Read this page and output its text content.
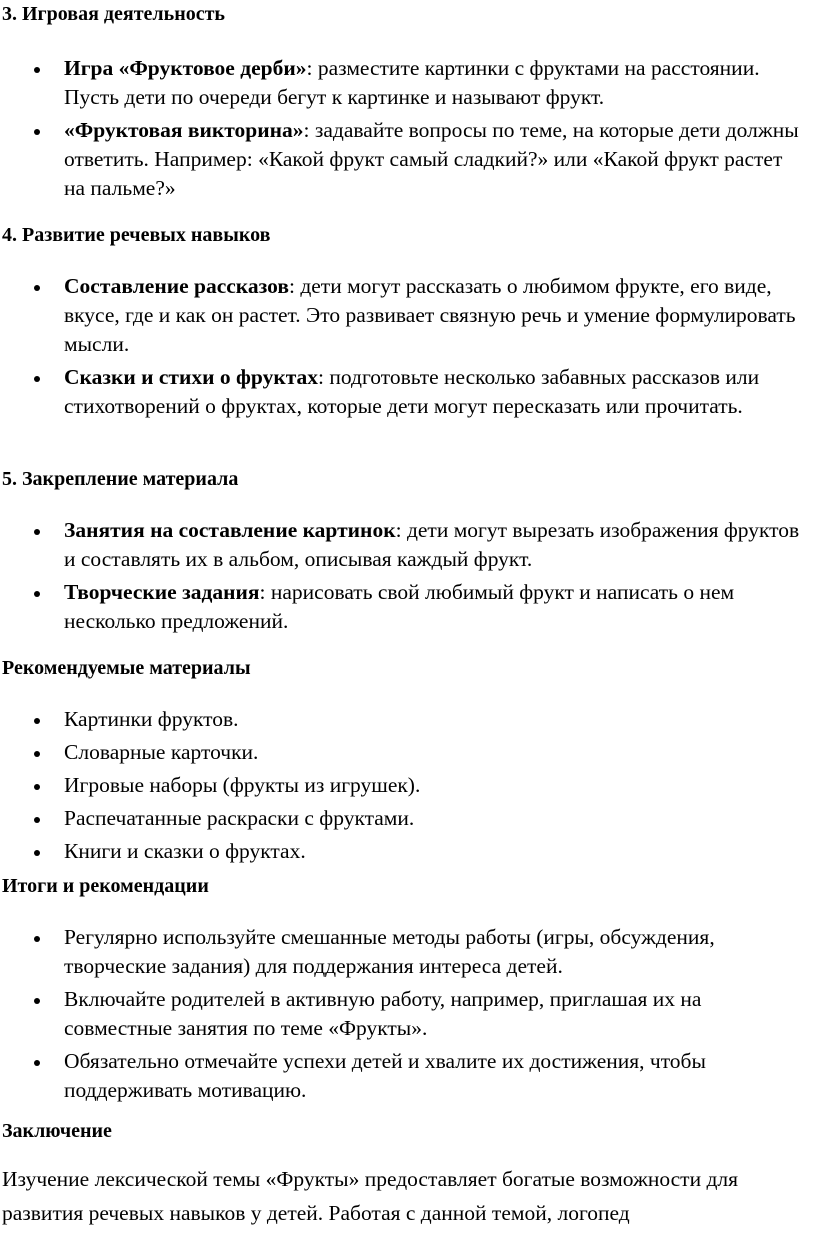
3. Игровая деятельность
Игра «Фруктовое дерби»: разместите картинки с фруктами на расстоянии. Пусть дети по очереди бегут к картинке и называют фрукт.
«Фруктовая викторина»: задавайте вопросы по теме, на которые дети должны ответить. Например: «Какой фрукт самый сладкий?» или «Какой фрукт растет на пальме?»
4. Развитие речевых навыков
Составление рассказов: дети могут рассказать о любимом фрукте, его виде, вкусе, где и как он растет. Это развивает связную речь и умение формулировать мысли.
Сказки и стихи о фруктах: подготовьте несколько забавных рассказов или стихотворений о фруктах, которые дети могут пересказать или прочитать.
5. Закрепление материала
Занятия на составление картинок: дети могут вырезать изображения фруктов и составлять их в альбом, описывая каждый фрукт.
Творческие задания: нарисовать свой любимый фрукт и написать о нем несколько предложений.
Рекомендуемые материалы
Картинки фруктов.
Словарные карточки.
Игровые наборы (фрукты из игрушек).
Распечатанные раскраски с фруктами.
Книги и сказки о фруктах.
Итоги и рекомендации
Регулярно используйте смешанные методы работы (игры, обсуждения, творческие задания) для поддержания интереса детей.
Включайте родителей в активную работу, например, приглашая их на совместные занятия по теме «Фрукты».
Обязательно отмечайте успехи детей и хвалите их достижения, чтобы поддерживать мотивацию.
Заключение

Изучение лексической темы «Фрукты» предоставляет богатые возможности для развития речевых навыков у детей. Работая с данной темой, логопед
